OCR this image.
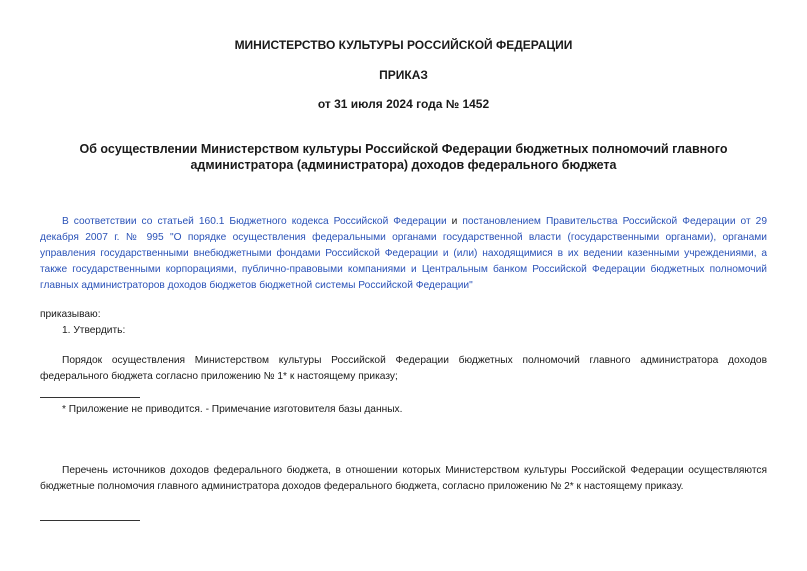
МИНИСТЕРСТВО КУЛЬТУРЫ РОССИЙСКОЙ ФЕДЕРАЦИИ

ПРИКАЗ

от 31 июля 2024 года № 1452

Об осуществлении Министерством культуры Российской Федерации бюджетных полномочий главного
администратора (администратора) доходов федерального бюджета

В соответствии со статьей 160.1 Бюджетного кодекса Российской Федерации и постановлением Правительства Российской Федерации от 29 декабря 2007 г. № 995 "О порядке осуществления федеральными органами государственной власти (государственными органами), органами управления государственными внебюджетными фондами Российской Федерации и (или) находящимися в их ведении казенными учреждениями, а также государственными корпорациями, публично-правовыми компаниями и Центральным банком Российской Федерации бюджетных полномочий главных администраторов доходов бюджетов бюджетной системы Российской Федерации"

приказываю:

1. Утвердить:

Порядок осуществления Министерством культуры Российской Федерации бюджетных полномочий главного администратора доходов федерального бюджета согласно приложению № 1* к настоящему приказу;

* Приложение не приводится. - Примечание изготовителя базы данных.

Перечень источников доходов федерального бюджета, в отношении которых Министерством культуры Российской Федерации осуществляются бюджетные полномочия главного администратора доходов федерального бюджета, согласно приложению № 2* к настоящему приказу.
